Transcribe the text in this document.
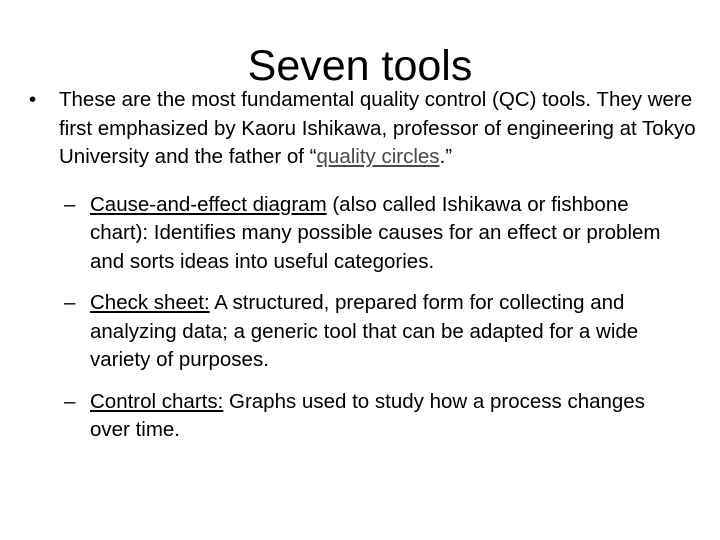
Seven tools
• These are the most fundamental quality control (QC) tools. They were first emphasized by Kaoru Ishikawa, professor of engineering at Tokyo University and the father of “quality circles.”
– Cause-and-effect diagram (also called Ishikawa or fishbone chart): Identifies many possible causes for an effect or problem and sorts ideas into useful categories.
– Check sheet: A structured, prepared form for collecting and analyzing data; a generic tool that can be adapted for a wide variety of purposes.
– Control charts: Graphs used to study how a process changes over time.
